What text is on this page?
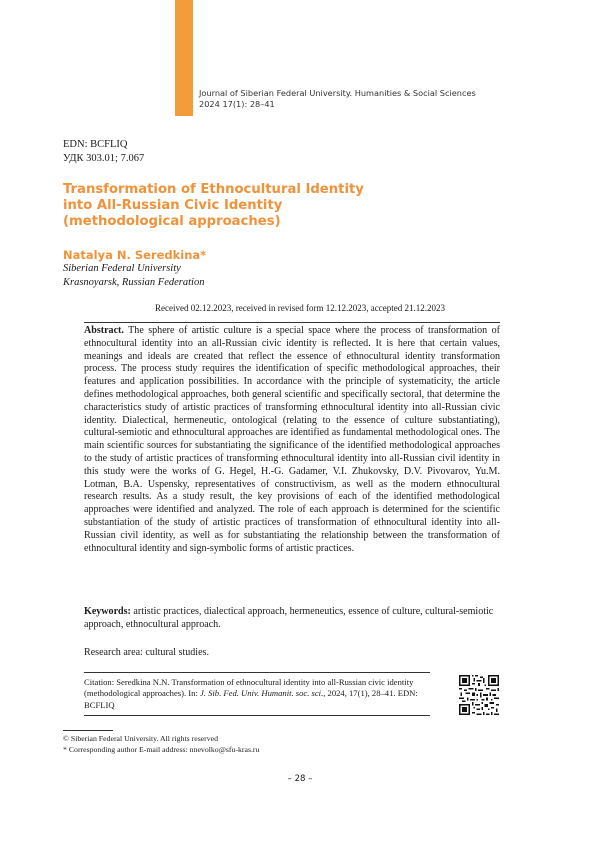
Journal of Siberian Federal University. Humanities & Social Sciences
2024 17(1): 28–41
EDN: BCFLIQ
УДК 303.01; 7.067
Transformation of Ethnocultural Identity
into All-Russian Civic Identity
(methodological approaches)
Natalya N. Seredkina*
Siberian Federal University
Krasnoyarsk, Russian Federation
Received 02.12.2023, received in revised form 12.12.2023, accepted 21.12.2023
Abstract. The sphere of artistic culture is a special space where the process of transformation of ethnocultural identity into an all-Russian civic identity is reflected. It is here that certain values, meanings and ideals are created that reflect the essence of ethnocultural identity transformation process. The process study requires the identification of specific methodological approaches, their features and application possibilities. In accordance with the principle of systematicity, the article defines methodological approaches, both general scientific and specifically sectoral, that determine the characteristics study of artistic practices of transforming ethnocultural identity into all-Russian civic identity. Dialectical, hermeneutic, ontological (relating to the essence of culture substantiating), cultural-semiotic and ethnocultural approaches are identified as fundamental methodological ones. The main scientific sources for substantiating the significance of the identified methodological approaches to the study of artistic practices of transforming ethnocultural identity into all-Russian civil identity in this study were the works of G. Hegel, H.-G. Gadamer, V.I. Zhukovsky, D.V. Pivovarov, Yu.M. Lotman, B.A. Uspensky, representatives of constructivism, as well as the modern ethnocultural research results. As a study result, the key provisions of each of the identified methodological approaches were identified and analyzed. The role of each approach is determined for the scientific substantiation of the study of artistic practices of transformation of ethnocultural identity into all-Russian civil identity, as well as for substantiating the relationship between the transformation of ethnocultural identity and sign-symbolic forms of artistic practices.
Keywords: artistic practices, dialectical approach, hermeneutics, essence of culture, cultural-semiotic approach, ethnocultural approach.
Research area: cultural studies.
Citation: Seredkina N.N. Transformation of ethnocultural identity into all-Russian civic identity (methodological approaches). In: J. Sib. Fed. Univ. Humanit. soc. sci., 2024, 17(1), 28–41. EDN: BCFLIQ
© Siberian Federal University. All rights reserved
* Corresponding author E-mail address: nnevolko@sfu-kras.ru
– 28 –
